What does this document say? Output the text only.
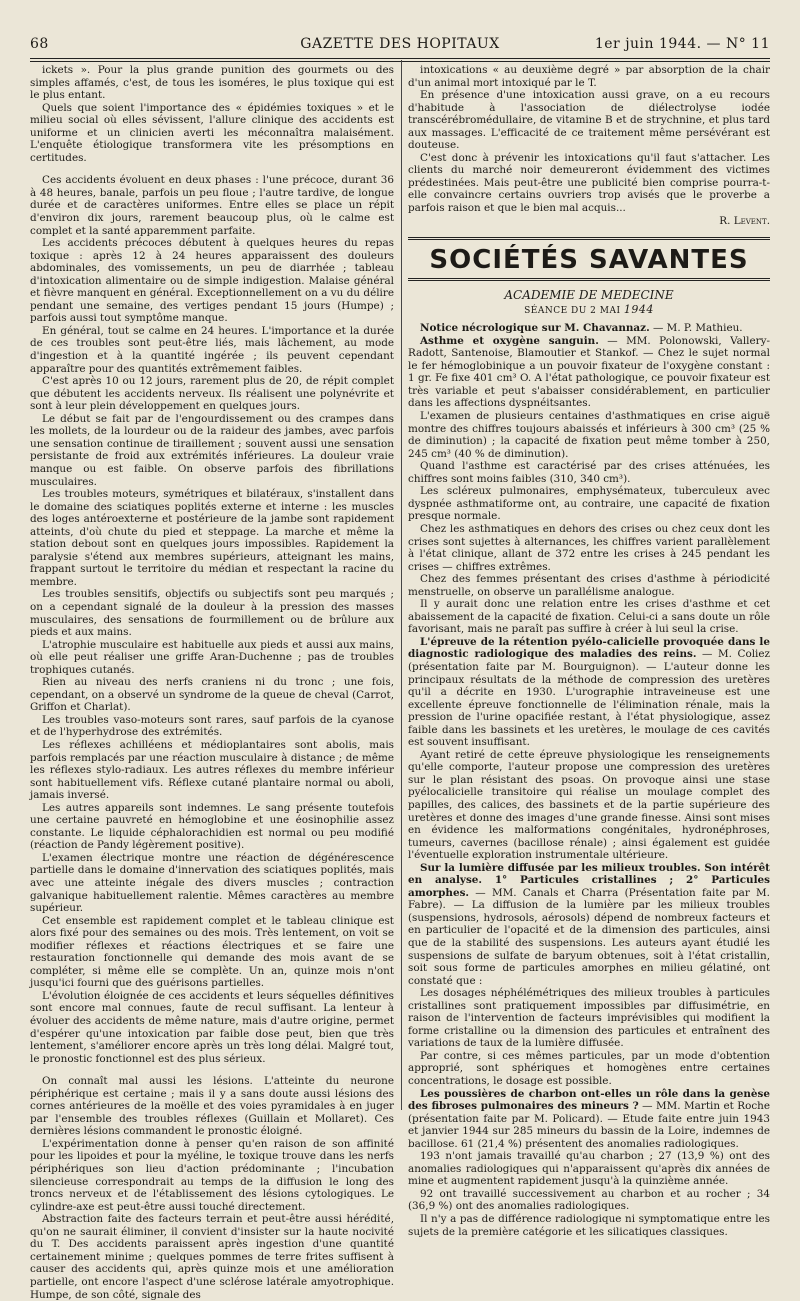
68	GAZETTE DES HOPITAUX	1er juin 1944. — N° 11

ickets ». Pour la plus grande punition des gourmets ou des simples affamés, c'est, de tous les isoméres, le plus toxique qui est le plus entant.

Quels que soient l'importance des « épidémies toxiques » et le milieu social où elles sévissent, l'allure clinique des accidents est uniforme et un clinicien averti les méconnaîtra malaisément. L'enquête étiologique transformera vite les présomptions en certitudes.

Ces accidents évoluent en deux phases : l'une précoce, durant 36 à 48 heures, banale, parfois un peu floue ; l'autre tardive, de longue durée et de caractères uniformes. Entre elles se place un répit d'environ dix jours, rarement beaucoup plus, où le calme est complet et la santé apparemment parfaite.

Les accidents précoces débutent à quelques heures du repas toxique : après 12 à 24 heures apparaissent des douleurs abdominales, des vomissements, un peu de diarrhée ; tableau d'intoxication alimentaire ou de simple indigestion. Malaise général et fièvre manquent en général. Exceptionnellement on a vu du délire pendant une semaine, des vertiges pendant 15 jours (Humpe) ; parfois aussi tout symptôme manque.

En général, tout se calme en 24 heures. L'importance et la durée de ces troubles sont peut-être liés, mais lâchement, au mode d'ingestion et à la quantité ingérée ; ils peuvent cependant apparaître pour des quantités extrêmement faibles.

C'est après 10 ou 12 jours, rarement plus de 20, de répit complet que débutent les accidents nerveux. Ils réalisent une polynévrite et sont à leur plein développement en quelques jours.

Le début se fait par de l'engourdissement ou des crampes dans les mollets, de la lourdeur ou de la raideur des jambes, avec parfois une sensation continue de tiraillement ; souvent aussi une sensation persistante de froid aux extrémités inférieures. La douleur vraie manque ou est faible. On observe parfois des fibrillations musculaires.

Les troubles moteurs, symétriques et bilatéraux, s'installent dans le domaine des sciatiques poplités externe et interne : les muscles des loges antéroexterne et postérieure de la jambe sont rapidement atteints, d'où chute du pied et steppage. La marche et même la station debout sont en quelques jours impossibles. Rapidement la paralysie s'étend aux membres supérieurs, atteignant les mains, frappant surtout le territoire du médian et respectant la racine du membre.

Les troubles sensitifs, objectifs ou subjectifs sont peu marqués ; on a cependant signalé de la douleur à la pression des masses musculaires, des sensations de fourmillement ou de brûlure aux pieds et aux mains.

L'atrophie musculaire est habituelle aux pieds et aussi aux mains, où elle peut réaliser une griffe Aran-Duchenne ; pas de troubles trophiques cutanés.

Rien au niveau des nerfs craniens ni du tronc ; une fois, cependant, on a observé un syndrome de la queue de cheval (Carrot, Griffon et Charlat).

Les troubles vaso-moteurs sont rares, sauf parfois de la cyanose et de l'hyperhydrose des extrémités.

Les réflexes achilléens et médioplantaires sont abolis, mais parfois remplacés par une réaction musculaire à distance ; de même les réflexes stylo-radiaux. Les autres réflexes du membre inférieur sont habituellement vifs. Réflexe cutané plantaire normal ou aboli, jamais inversé.

Les autres appareils sont indemnes. Le sang présente toutefois une certaine pauvreté en hémoglobine et une éosinophilie assez constante. Le liquide céphalorachidien est normal ou peu modifié (réaction de Pandy légèrement positive).

L'examen électrique montre une réaction de dégénérescence partielle dans le domaine d'innervation des sciatiques poplités, mais avec une atteinte inégale des divers muscles ; contraction galvanique habituellement ralentie. Mêmes caractères au membre supérieur.

Cet ensemble est rapidement complet et le tableau clinique est alors fixé pour des semaines ou des mois. Très lentement, on voit se modifier réflexes et réactions électriques et se faire une restauration fonctionnelle qui demande des mois avant de se compléter, si même elle se complète. Un an, quinze mois n'ont jusqu'ici fourni que des guérisons partielles.

L'évolution éloignée de ces accidents et leurs séquelles définitives sont encore mal connues, faute de recul suffisant. La lenteur à évoluer des accidents de même nature, mais d'autre origine, permet d'espérer qu'une intoxication par faible dose peut, bien que très lentement, s'améliorer encore après un très long délai. Malgré tout, le pronostic fonctionnel est des plus sérieux.

On connaît mal aussi les lésions. L'atteinte du neurone périphérique est certaine ; mais il y a sans doute aussi lésions des cornes antérieures de la moëlle et des voies pyramidales à en juger par l'ensemble des troubles réflexes (Guillain et Mollaret). Ces dernières lésions commandent le pronostic éloigné.

L'expérimentation donne à penser qu'en raison de son affinité pour les lipoides et pour la myéline, le toxique trouve dans les nerfs périphériques son lieu d'action prédominante ; l'incubation silencieuse correspondrait au temps de la diffusion le long des troncs nerveux et de l'établissement des lésions cytologiques. Le cylindre-axe est peut-être aussi touché directement.

Abstraction faite des facteurs terrain et peut-être aussi hérédité, qu'on ne saurait éliminer, il convient d'insister sur la haute nocivité du T. Des accidents paraissent après ingestion d'une quantité certainement minime ; quelques pommes de terre frites suffisent à causer des accidents qui, après quinze mois et une amélioration partielle, ont encore l'aspect d'une sclérose latérale amyotrophique. Humpe, de son côté, signale des

intoxications « au deuxième degré » par absorption de la chair d'un animal mort intoxiqué par le T.

En présence d'une intoxication aussi grave, on a eu recours d'habitude à l'association de diélectrolyse iodée transcérébromédullaire, de vitamine B et de strychnine, et plus tard aux massages. L'efficacité de ce traitement même persévérant est douteuse.

C'est donc à prévenir les intoxications qu'il faut s'attacher. Les clients du marché noir demeureront évidemment des victimes prédestinées. Mais peut-être une publicité bien comprise pourra-t-elle convaincre certains ouvriers trop avisés que le proverbe a parfois raison et que le bien mal acquis...

R. Levent.

SOCIÉTÉS SAVANTES
ACADEMIE DE MEDECINE
SÉANCE DU 2 MAI 1944

Notice nécrologique sur M. Chavannaz. — M. P. Mathieu.

Asthme et oxygène sanguin. — MM. Polonowski, Vallery-Radott, Santenoise, Blamoutier et Stankof. — Chez le sujet normal le fer hémoglobinique a un pouvoir fixateur de l'oxygène constant : 1 gr. Fe fixe 401 cm³ O. A l'état pathologique, ce pouvoir fixateur est très variable et peut s'abaisser considérablement, en particulier dans les affections dyspnéitsantes.

L'examen de plusieurs centaines d'asthmatiques en crise aiguë montre des chiffres toujours abaissés et inférieurs à 300 cm³ (25 % de diminution) ; la capacité de fixation peut même tomber à 250, 245 cm³ (40 % de diminution).

Quand l'asthme est caractérisé par des crises atténuées, les chiffres sont moins faibles (310, 340 cm³).

Les scléreux pulmonaires, emphysémateux, tuberculeux avec dyspnée asthmatiforme ont, au contraire, une capacité de fixation presque normale.

Chez les asthmatiques en dehors des crises ou chez ceux dont les crises sont sujettes à alternances, les chiffres varient parallèlement à l'état clinique, allant de 372 entre les crises à 245 pendant les crises — chiffres extrêmes.

Chez des femmes présentant des crises d'asthme à périodicité menstruelle, on observe un parallélisme analogue.

Il y aurait donc une relation entre les crises d'asthme et cet abaissement de la capacité de fixation. Celui-ci a sans doute un rôle favorisant, mais ne paraît pas suffire à créer à lui seul la crise.

L'épreuve de la rétention pyélo-calicielle provoquée dans le diagnostic radiologique des maladies des reins. — M. Coliez (présentation faite par M. Bourguignon). — L'auteur donne les principaux résultats de la méthode de compression des uretères qu'il a décrite en 1930. L'urographie intraveineuse est une excellente épreuve fonctionnelle de l'élimination rénale, mais la pression de l'urine opacifiée restant, à l'état physiologique, assez faible dans les bassinets et les uretères, le moulage de ces cavités est souvent insuffisant.

Ayant retiré de cette épreuve physiologique les renseignements qu'elle comporte, l'auteur propose une compression des uretères sur le plan résistant des psoas. On provoque ainsi une stase pyélocalicielle transitoire qui réalise un moulage complet des papilles, des calices, des bassinets et de la partie supérieure des uretères et donne des images d'une grande finesse. Ainsi sont mises en évidence les malformations congénitales, hydronéphroses, tumeurs, cavernes (bacillose rénale) ; ainsi également est guidée l'éventuelle exploration instrumentale ultérieure.

Sur la lumière diffusée par les milieux troubles. Son intérêt en analyse. 1° Particules cristallines ; 2° Particules amorphes. — MM. Canals et Charra (Présentation faite par M. Fabre). — La diffusion de la lumière par les milieux troubles (suspensions, hydrosols, aérosols) dépend de nombreux facteurs et en particulier de l'opacité et de la dimension des particules, ainsi que de la stabilité des suspensions. Les auteurs ayant étudié les suspensions de sulfate de baryum obtenues, soit à l'état cristallin, soit sous forme de particules amorphes en milieu gélatiné, ont constaté que :

Les dosages néphélémétriques des milieux troubles à particules cristallines sont pratiquement impossibles par diffusimétrie, en raison de l'intervention de facteurs imprévisibles qui modifient la forme cristalline ou la dimension des particules et entraînent des variations de taux de la lumière diffusée.

Par contre, si ces mêmes particules, par un mode d'obtention approprié, sont sphériques et homogènes entre certaines concentrations, le dosage est possible.

Les poussières de charbon ont-elles un rôle dans la genèse des fibroses pulmonaires des mineurs ? — MM. Martin et Roche (présentation faite par M. Policard). — Etude faite entre juin 1943 et janvier 1944 sur 285 mineurs du bassin de la Loire, indemnes de bacillose. 61 (21,4 %) présentent des anomalies radiologiques.

193 n'ont jamais travaillé qu'au charbon ; 27 (13,9 %) ont des anomalies radiologiques qui n'apparaissent qu'après dix années de mine et augmentent rapidement jusqu'à la quinzième année.

92 ont travaillé successivement au charbon et au rocher ; 34 (36,9 %) ont des anomalies radiologiques.

Il n'y a pas de différence radiologique ni symptomatique entre les sujets de la première catégorie et les silicatiques classiques.
